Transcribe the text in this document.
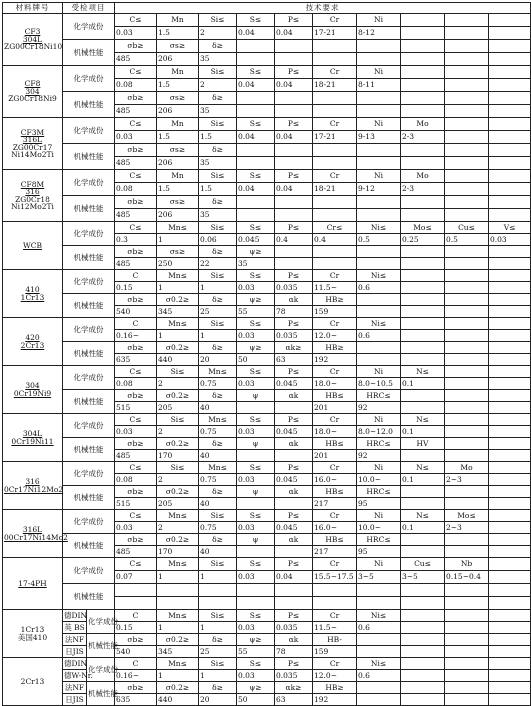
材料牌号	受检项目		技术要求									

CF3
304L
ZG00Cr18Ni10	化学成份		C≤	Mn	Si≤	S≤	P≤	Cr	Ni			
			0.03	1.5	2	0.04	0.04	17-21	8-12			
	机械性能		σb≥	σs≥	δ≥							
			485	206	35							

CF8
304
ZG0Cr18Ni9	化学成份		C≤	Mn	Si≤	S≤	P≤	Cr	Ni			
			0.08	1.5	2	0.04	0.04	18-21	8-11			
	机械性能		σb≥	σs≥	δ≥							
			485	206	35							

CF3M
316L
ZG00Cr17
Ni14Mo2Ti	化学成份		C≤	Mn	Si≤	S≤	P≤	Cr	Ni	Mo		
			0.03	1.5	1.5	0.04	0.04	17-21	9-13	2-3		
	机械性能		σb≥	σs≥	δ≥							
			485	206	35							

CF8M
316
ZG0Cr18
Ni12Mo2Ti	化学成份		C≤	Mn	Si≤	S≤	P≤	Cr	Ni	Mo		
			0.08	1.5	1.5	0.04	0.04	18-21	9-12	2-3		
	机械性能		σb≥	σs≥	δ≥							
			485	206	35							

WCB	化学成份		C≤	Mn≤	Si≤	S≤	P≤	Cr≤	Ni≤	Mo≤	Cu≤	V≤
			0.3	1	0.06	0.045	0.4	0.4	0.5	0.25	0.5	0.03
	机械性能		σb≥	σs≥	δ≥	ψ≥						
			485	250	22	35						

410
1Cr13	化学成份		C	Mn≤	Si≤	S≤	P≤	Cr	Ni≤			
			0.15	1	1	0.03	0.035	11.5~	0.6			
	机械性能		σb≥	σ0.2≥	δ≥	ψ≥	αk	HB≥				
			540	345	25	55	78	159				

420
2Cr13	化学成份		C	Mn≤	Si≤	S≤	P≤	Cr	Ni≤			
			0.16~	1	1	0.03	0.035	12.0~	0.6			
	机械性能		σb≥	σ0.2≥	δ≥	ψ≥	αk≥	HB≥				
			635	440	20	50	63	192				

304
0Cr19Ni9	化学成份		C≤	Si≤	Mn≤	S≤	P≤	Cr	Ni	N≤		
			0.08	2	0.75	0.03	0.045	18.0~	8.0~10.5	0.1		
	机械性能		σb≥	σ0.2≥	δ≥	ψ	αk	HB≤	HRC≤			
			515	205	40			201	92			

304L
0Cr19Ni11	化学成份		C≤	Si≤	Mn≤	S≤	P≤	Cr	Ni	N≤		
			0.03	2	0.75	0.03	0.045	18.0~	8.0~12.0	0.1		
	机械性能		σb≥	σ0.2≥	δ≥	ψ	αk	HB≤	HRC≤	HV		
			485	170	40			201	92			

316
0Cr17Ni12Mo2	化学成份		C≤	Si≤	Mn≤	S≤	P≤	Cr	Ni	N≤	Mo	
			0.08	2	0.75	0.03	0.045	16.0~	10.0~	0.1	2~3	
	机械性能		σb≥	σ0.2≥	δ≥	ψ	αk	HB≤	HRC≤			
			515	205	40			217	95			

316L
00Cr17Ni14Mo2	化学成份		C≤	Mn≤	Si≤	S≤	P≤	Cr	Ni	N≤	Mo≤	
			0.03	2	0.75	0.03	0.045	16.0~	10.0~	0.1	2~3	
	机械性能		σb≥	σ0.2≥	δ≥	ψ	αk	HB≤	HRC≤			
			485	170	40			217	95			

17-4PH	化学成份		C≤	Mn≤	Si≤	S≤	P≤	Cr	Ni	Cu≤	Nb	
			0.07	1	1	0.03	0.04	15.5~17.5	3~5	3~5	0.15~0.4	
	机械性能											

1Cr13
美国410	德DIN	化学成份	C	Mn≤	Si≤	S≤	P≤	Cr	Ni≤			
	英 BS		0.15	1	1	0.03	0.035	11.5~	0.6			
	法NF	机械性能	σb≥	σ0.2≥	δ≥	ψ≥	αk	HB-				
	日JIS		540	345	25	55	78	159				

2Cr13	德DIN	化学成份	C	Mn≤	Si≤	S≤	P≤	Cr	Ni≤			
	德W-Nr.		0.16~	1	1	0.03	0.035	12.0~	0.6			
	法NF	机械性能	σb≥	σ0.2≥	δ≥	ψ≥	αk≥	HB≥				
	日JIS		635	440	20	50	63	192				
